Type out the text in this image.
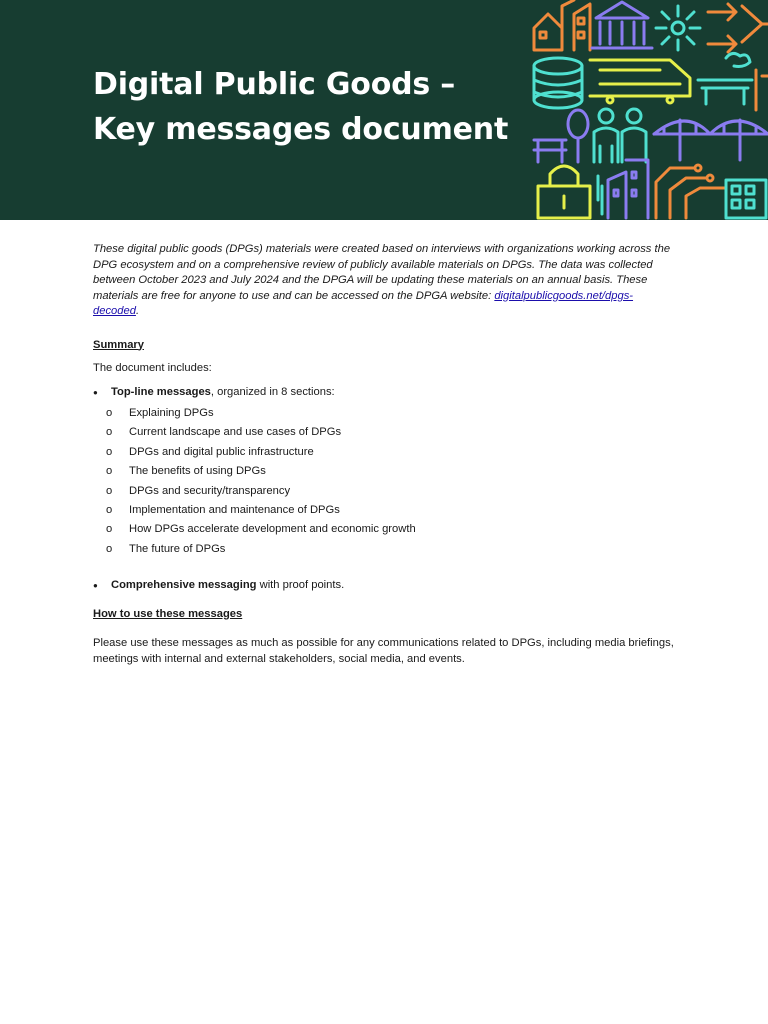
Digital Public Goods –
Key messages document

These digital public goods (DPGs) materials were created based on interviews with organizations working across the DPG ecosystem and on a comprehensive review of publicly available materials on DPGs. The data was collected between October 2023 and July 2024 and the DPGA will be updating these materials on an annual basis. These materials are free for anyone to use and can be accessed on the DPGA website: digitalpublicgoods.net/dpgs-decoded.

Summary

The document includes:

● Top-line messages, organized in 8 sections:
o Explaining DPGs
o Current landscape and use cases of DPGs
o DPGs and digital public infrastructure
o The benefits of using DPGs
o DPGs and security/transparency
o Implementation and maintenance of DPGs
o How DPGs accelerate development and economic growth
o The future of DPGs
● Comprehensive messaging with proof points.

How to use these messages

Please use these messages as much as possible for any communications related to DPGs, including media briefings, meetings with internal and external stakeholders, social media, and events.
